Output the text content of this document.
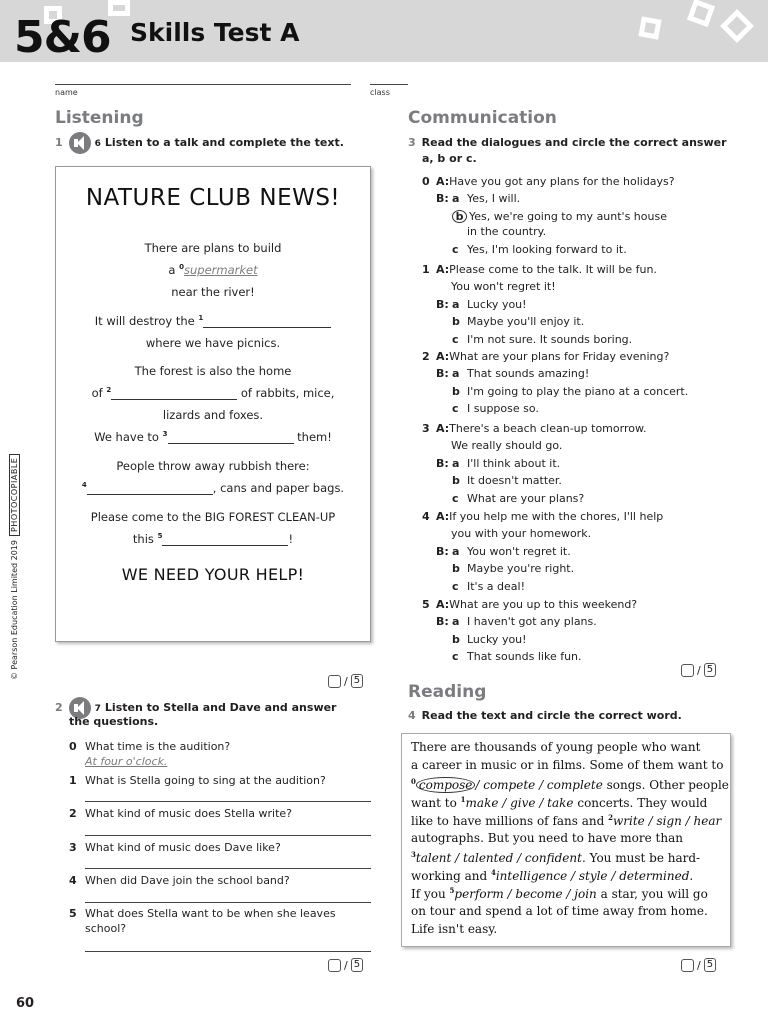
5&6 Skills Test A
name	class
© Pearson Education Limited 2019PHOTOCOPIABLE
Listening
1	6 Listen to a talk and complete the text.
NATURE CLUB NEWS!
There are plans to build
a $^0$supermarket
near the river!
It will destroy the $^1$
where we have picnics.
The forest is also the home
of $^2$	of rabbits, mice,
lizards and foxes.
We have to $^3$	them!
People throw away rubbish there:
$^4$	, cans and paper bags.
Please come to the BIG FOREST CLEAN-UP
this $^5$	!
WE NEED YOUR HELP!
/ 5
2	7 Listen to Stella and Dave and answer
the questions.
0 What time is the audition?
At four o'clock.
1 What is Stella going to sing at the audition?
2 What kind of music does Stella write?
3 What kind of music does Dave like?
4 When did Dave join the school band?
5 What does Stella want to be when she leaves
school?
/ 5
Communication
3 Read the dialogues and circle the correct answer
a, b or c.
0 A:Have you got any plans for the holidays?
B: a Yes, I will.
b Yes, we're going to my aunt's house
in the country.
c Yes, I'm looking forward to it.
1 A:Please come to the talk. It will be fun.
You won't regret it!
B: a Lucky you!
b Maybe you'll enjoy it.
c I'm not sure. It sounds boring.
2 A:What are your plans for Friday evening?
B: a That sounds amazing!
b I'm going to play the piano at a concert.
c I suppose so.
3 A:There's a beach clean-up tomorrow.
We really should go.
B: a I'll think about it.
b It doesn't matter.
c What are your plans?
4 A:If you help me with the chores, I'll help
you with your homework.
B: a You won't regret it.
b Maybe you're right.
c It's a deal!
5 A:What are you up to this weekend?
B: a I haven't got any plans.
b Lucky you!
c That sounds like fun.
/ 5
Reading
4 Read the text and circle the correct word.
There are thousands of young people who want
a career in music or in films. Some of them want to
$^0$ compose / compete / complete songs. Other people
want to $^1$make / give / take concerts. They would
like to have millions of fans and $^2$write / sign / hear
autographs. But you need to have more than
$^3$talent / talented / confident. You must be hard-
working and $^4$intelligence / style / determined.
If you $^5$perform / become / join a star, you will go
on tour and spend a lot of time away from home.
Life isn't easy.
/ 5
60
